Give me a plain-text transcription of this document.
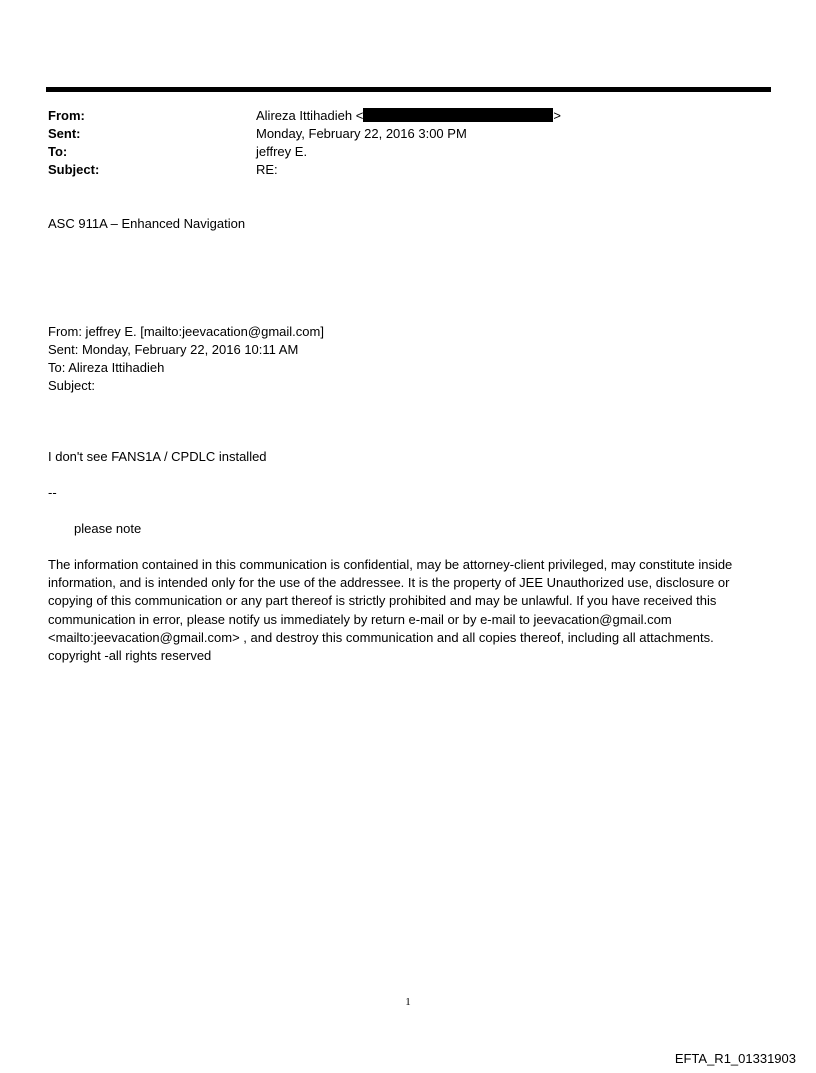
From:	Alireza Ittihadieh <	>
Sent:	Monday, February 22, 2016 3:00 PM
To:	jeffrey E.
Subject:	RE:
ASC 911A – Enhanced Navigation
From: jeffrey E. [mailto:jeevacation@gmail.com]
Sent: Monday, February 22, 2016 10:11 AM
To: Alireza Ittihadieh
Subject:
I don't see FANS1A / CPDLC installed
--
please note
The information contained in this communication is confidential, may be attorney-client privileged, may constitute inside information, and is intended only for the use of the addressee. It is the property of JEE Unauthorized use, disclosure or copying of this communication or any part thereof is strictly prohibited and may be unlawful. If you have received this communication in error, please notify us immediately by return e-mail or by e-mail to jeevacation@gmail.com <mailto:jeevacation@gmail.com> , and destroy this communication and all copies thereof, including all attachments. copyright -all rights reserved
1
EFTA_R1_01331903
